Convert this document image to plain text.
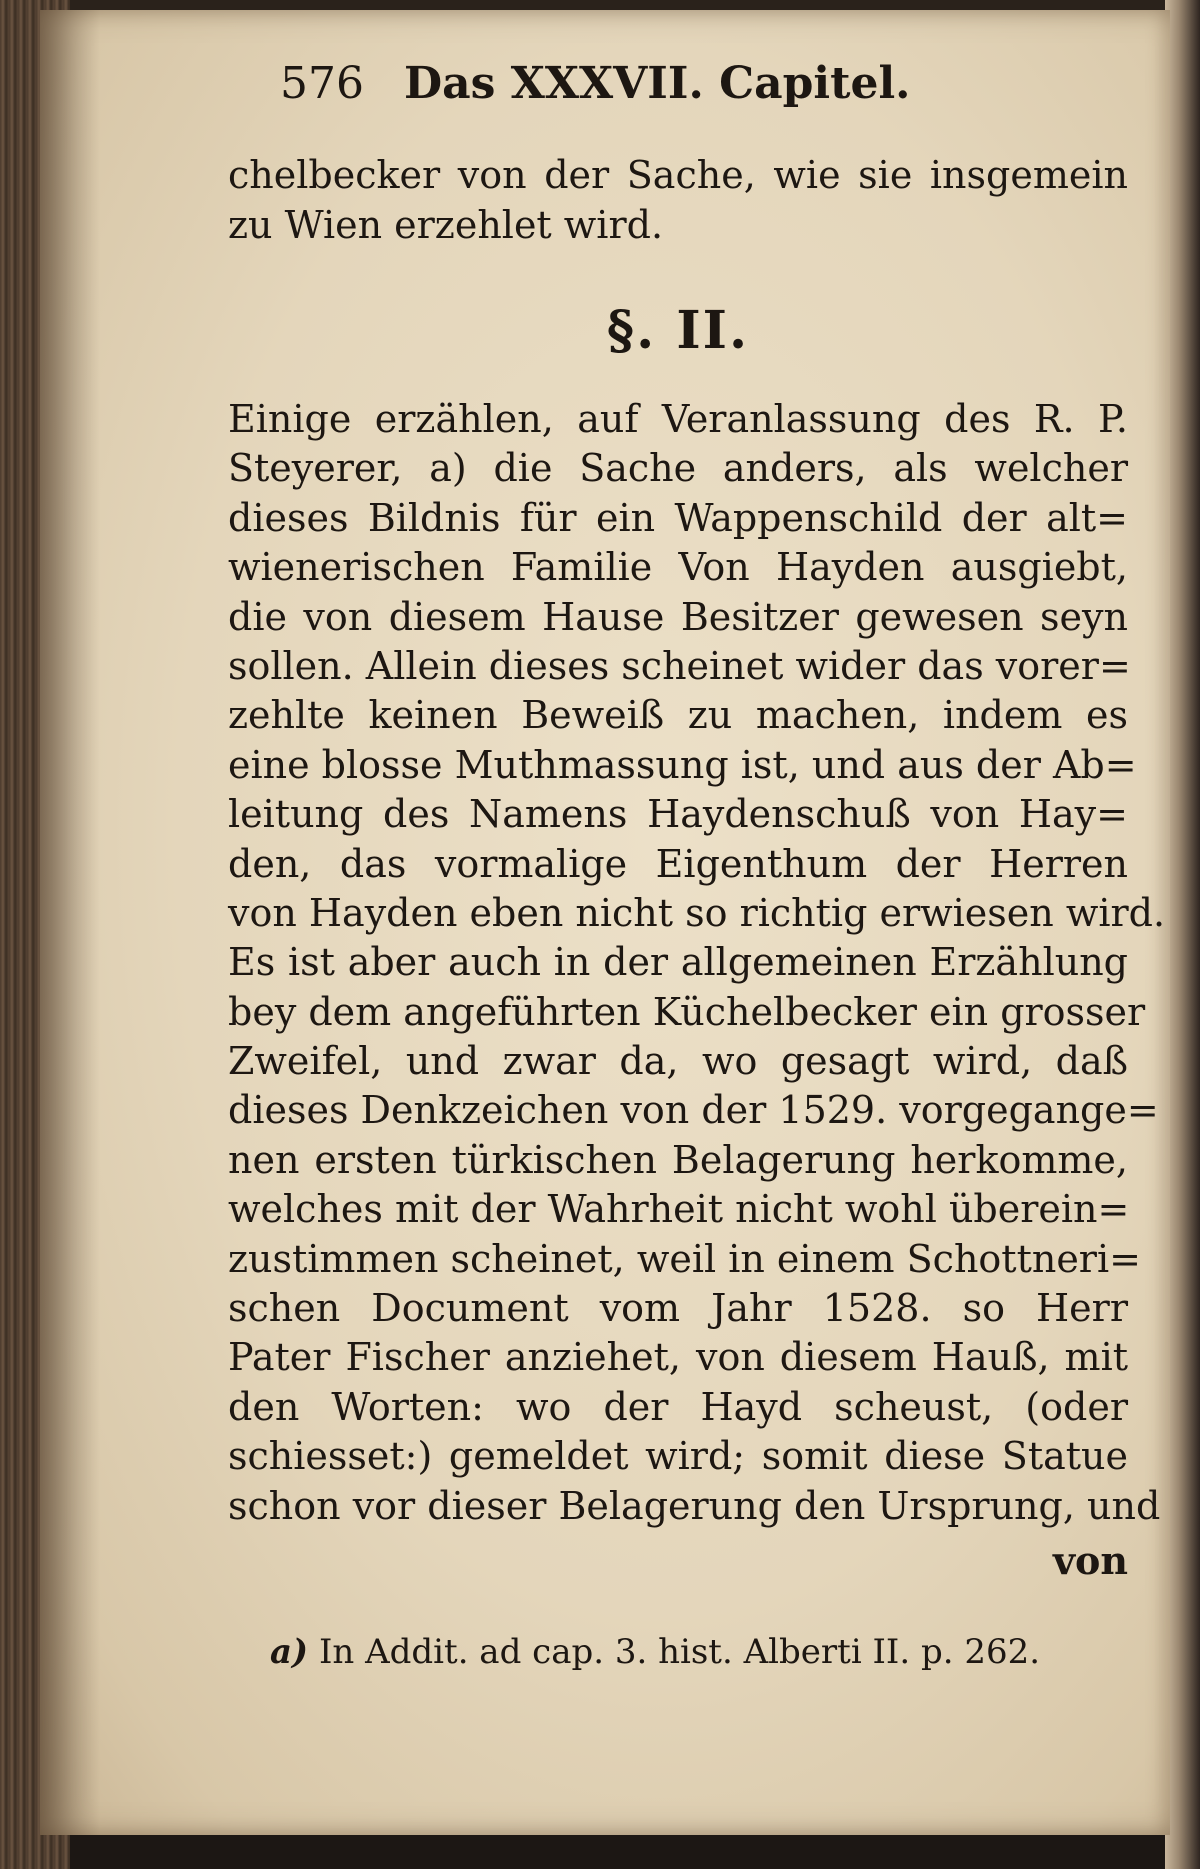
576 Das XXXVII. Capitel.
chelbecker von der Sache, wie sie insgemein
zu Wien erzehlet wird.
§. II.
Einige erzählen, auf Veranlassung des R. P.
Steyerer, a) die Sache anders, als welcher
dieses Bildnis für ein Wappenschild der alt=
wienerischen Familie Von Hayden ausgiebt,
die von diesem Hause Besitzer gewesen seyn
sollen. Allein dieses scheinet wider das vorer=
zehlte keinen Beweiß zu machen, indem es
eine blosse Muthmassung ist, und aus der Ab=
leitung des Namens Haydenschuß von Hay=
den, das vormalige Eigenthum der Herren
von Hayden eben nicht so richtig erwiesen wird.
Es ist aber auch in der allgemeinen Erzählung
bey dem angeführten Küchelbecker ein grosser
Zweifel, und zwar da, wo gesagt wird, daß
dieses Denkzeichen von der 1529. vorgegange=
nen ersten türkischen Belagerung herkomme,
welches mit der Wahrheit nicht wohl überein=
zustimmen scheinet, weil in einem Schottneri=
schen Document vom Jahr 1528. so Herr
Pater Fischer anziehet, von diesem Hauß, mit
den Worten: wo der Hayd scheust, (oder
schiesset:) gemeldet wird; somit diese Statue
schon vor dieser Belagerung den Ursprung, und
von
a) In Addit. ad cap. 3. hist. Alberti II. p. 262.
